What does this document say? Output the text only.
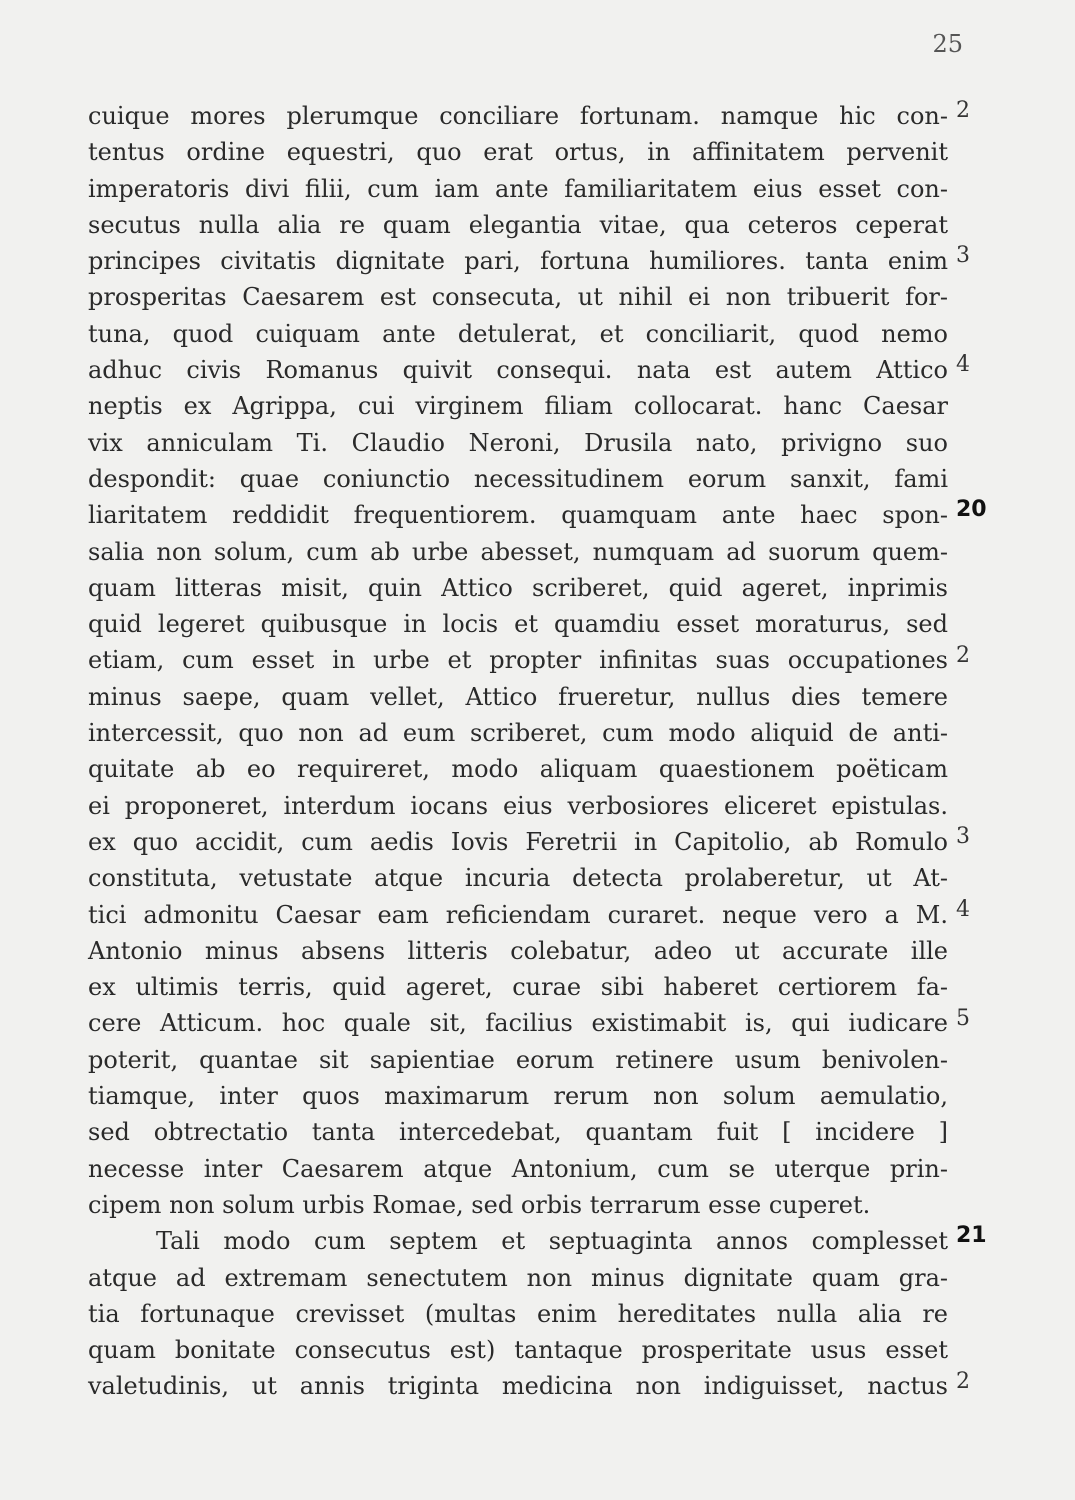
25
cuique mores plerumque conciliare fortunam. namque hic con-
tentus ordine equestri, quo erat ortus, in affinitatem pervenit
imperatoris divi filii, cum iam ante familiaritatem eius esset con-
secutus nulla alia re quam elegantia vitae, qua ceteros ceperat
principes civitatis dignitate pari, fortuna humiliores. tanta enim
prosperitas Caesarem est consecuta, ut nihil ei non tribuerit for-
tuna, quod cuiquam ante detulerat, et conciliarit, quod nemo
adhuc civis Romanus quivit consequi. nata est autem Attico
neptis ex Agrippa, cui virginem filiam collocarat. hanc Caesar
vix anniculam Ti. Claudio Neroni, Drusila nato, privigno suo
despondit: quae coniunctio necessitudinem eorum sanxit, fami
liaritatem reddidit frequentiorem. quamquam ante haec spon-
salia non solum, cum ab urbe abesset, numquam ad suorum quem-
quam litteras misit, quin Attico scriberet, quid ageret, inprimis
quid legeret quibusque in locis et quamdiu esset moraturus, sed
etiam, cum esset in urbe et propter infinitas suas occupationes
minus saepe, quam vellet, Attico frueretur, nullus dies temere
intercessit, quo non ad eum scriberet, cum modo aliquid de anti-
quitate ab eo requireret, modo aliquam quaestionem poëticam
ei proponeret, interdum iocans eius verbosiores eliceret epistulas.
ex quo accidit, cum aedis Iovis Feretrii in Capitolio, ab Romulo
constituta, vetustate atque incuria detecta prolaberetur, ut At-
tici admonitu Caesar eam reficiendam curaret. neque vero a M.
Antonio minus absens litteris colebatur, adeo ut accurate ille
ex ultimis terris, quid ageret, curae sibi haberet certiorem fa-
cere Atticum. hoc quale sit, facilius existimabit is, qui iudicare
poterit, quantae sit sapientiae eorum retinere usum benivolen-
tiamque, inter quos maximarum rerum non solum aemulatio,
sed obtrectatio tanta intercedebat, quantam fuit [ incidere ]
necesse inter Caesarem atque Antonium, cum se uterque prin-
cipem non solum urbis Romae, sed orbis terrarum esse cuperet.
Tali modo cum septem et septuaginta annos complesset
atque ad extremam senectutem non minus dignitate quam gra-
tia fortunaque crevisset (multas enim hereditates nulla alia re
quam bonitate consecutus est) tantaque prosperitate usus esset
valetudinis, ut annis triginta medicina non indiguisset, nactus
2
3
4
20
2
3
4
5
21
2
